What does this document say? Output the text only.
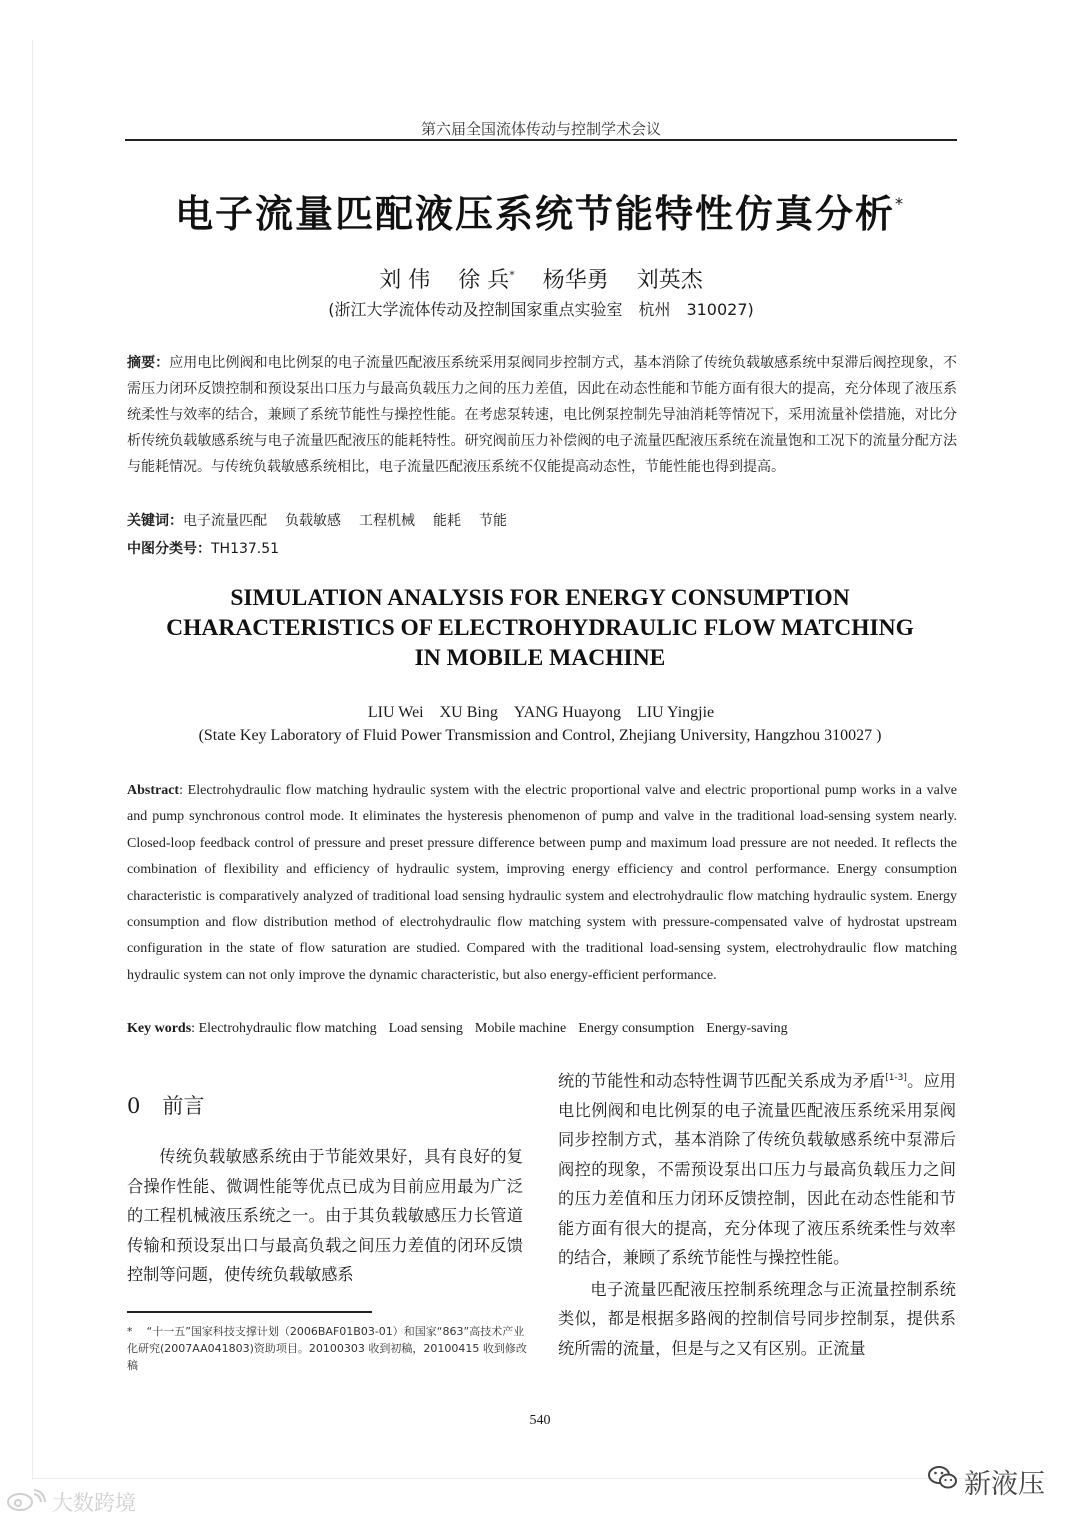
第六届全国流体传动与控制学术会议
电子流量匹配液压系统节能特性仿真分析*
刘 伟 徐 兵* 杨华勇 刘英杰
(浙江大学流体传动及控制国家重点实验室　杭州　310027)
摘要：应用电比例阀和电比例泵的电子流量匹配液压系统采用泵阀同步控制方式，基本消除了传统负载敏感系统中泵滞后阀控现象，不需压力闭环反馈控制和预设泵出口压力与最高负载压力之间的压力差值，因此在动态性能和节能方面有很大的提高，充分体现了液压系统柔性与效率的结合，兼顾了系统节能性与操控性能。在考虑泵转速，电比例泵控制先导油消耗等情况下，采用流量补偿措施，对比分析传统负载敏感系统与电子流量匹配液压的能耗特性。研究阀前压力补偿阀的电子流量匹配液压系统在流量饱和工况下的流量分配方法与能耗情况。与传统负载敏感系统相比，电子流量匹配液压系统不仅能提高动态性，节能性能也得到提高。
关键词：电子流量匹配 负载敏感 工程机械 能耗 节能
中图分类号：TH137.51
SIMULATION ANALYSIS FOR ENERGY CONSUMPTION
CHARACTERISTICS OF ELECTROHYDRAULIC FLOW MATCHING
IN MOBILE MACHINE
LIU Wei XU Bing YANG Huayong LIU Yingjie
(State Key Laboratory of Fluid Power Transmission and Control, Zhejiang University, Hangzhou 310027 )
Abstract: Electrohydraulic flow matching hydraulic system with the electric proportional valve and electric proportional pump works in a valve and pump synchronous control mode. It eliminates the hysteresis phenomenon of pump and valve in the traditional load-sensing system nearly. Closed-loop feedback control of pressure and preset pressure difference between pump and maximum load pressure are not needed. It reflects the combination of flexibility and efficiency of hydraulic system, improving energy efficiency and control performance. Energy consumption characteristic is comparatively analyzed of traditional load sensing hydraulic system and electrohydraulic flow matching hydraulic system. Energy consumption and flow distribution method of electrohydraulic flow matching system with pressure-compensated valve of hydrostat upstream configuration in the state of flow saturation are studied. Compared with the traditional load-sensing system, electrohydraulic flow matching hydraulic system can not only improve the dynamic characteristic, but also energy-efficient performance.
Key words: Electrohydraulic flow matching Load sensing Mobile machine Energy consumption Energy-saving
0 前言

传统负载敏感系统由于节能效果好，具有良好的复合操作性能、微调性能等优点已成为目前应用最为广泛的工程机械液压系统之一。由于其负载敏感压力长管道传输和预设泵出口与最高负载之间压力差值的闭环反馈控制等问题，使传统负载敏感系

统的节能性和动态特性调节匹配关系成为矛盾[1-3]。应用电比例阀和电比例泵的电子流量匹配液压系统采用泵阀同步控制方式，基本消除了传统负载敏感系统中泵滞后阀控的现象，不需预设泵出口压力与最高负载压力之间的压力差值和压力闭环反馈控制，因此在动态性能和节能方面有很大的提高，充分体现了液压系统柔性与效率的结合，兼顾了系统节能性与操控性能。

电子流量匹配液压控制系统理念与正流量控制系统类似，都是根据多路阀的控制信号同步控制泵，提供系统所需的流量，但是与之又有区别。正流量

* “十一五”国家科技支撑计划（2006BAF01B03-01）和国家“863”高技术产业化研究(2007AA041803)资助项目。20100303 收到初稿，20100415 收到修改稿
540
大数跨境
新液压
